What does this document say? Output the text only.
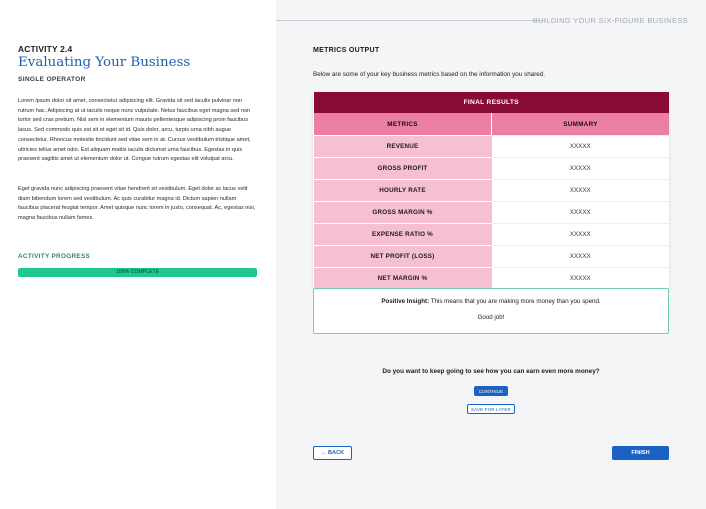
BUILDING YOUR SIX-FIGURE BUSINESS
ACTIVITY 2.4
Evaluating Your Business
SINGLE OPERATOR
Lorem ipsum dolor sit amet, consectetur adipiscing elit. Gravida sit sed iaculis pulvinar non rutrum hac. Adipiscing at ut iaculis neque nunc vulputate. Netus faucibus eget magna sed non tortor sed cras pretium. Nisl sem in elementum mauris pellentesque adipiscing proin faucibus lacus. Sed commodo quis est sit et eget sit id. Quis dolor, arcu, turpis urna nibh augue consectetur. Rhoncus molestie tincidunt sed vitae sem in at. Cursus vestibulum tristique amet, ultricies tellus amet odio. Est aliquam mattis iaculis dictumst urna faucibus. Egestas in quis praesent sagittis amet ut elementum dolor ut. Congue rutrum egestas elit volutpat arcu.
Eget gravida nunc adipiscing praesent vitae hendrerit sit vestibulum. Eget dolor ac lacus velit diam bibendum lorem sed vestibulum. Ac quis curabitur magna id. Dictum sapien nullam faucibus placerat feugiat tempor. Amet quisque nunc lorem in justo, consequat. Ac, egestas nisi, magna faucibus nullam fames.
ACTIVITY PROGRESS
100% COMPLETE
METRICS OUTPUT
Below are some of your key business metrics based on the information you shared.
FINAL RESULTS	
METRICS	SUMMARY
REVENUE	XXXXX
GROSS PROFIT	XXXXX
HOURLY RATE	XXXXX
GROSS MARGIN %	XXXXX
EXPENSE RATIO %	XXXXX
NET PROFIT (LOSS)	XXXXX
NET MARGIN %	XXXXX
Positive Insight: This means that you are making more money than you spend.
Good job!
Do you want to keep going to see how you can earn even more money?
CONTINUE
SAVE FOR LATER
← BACK	FINISH
